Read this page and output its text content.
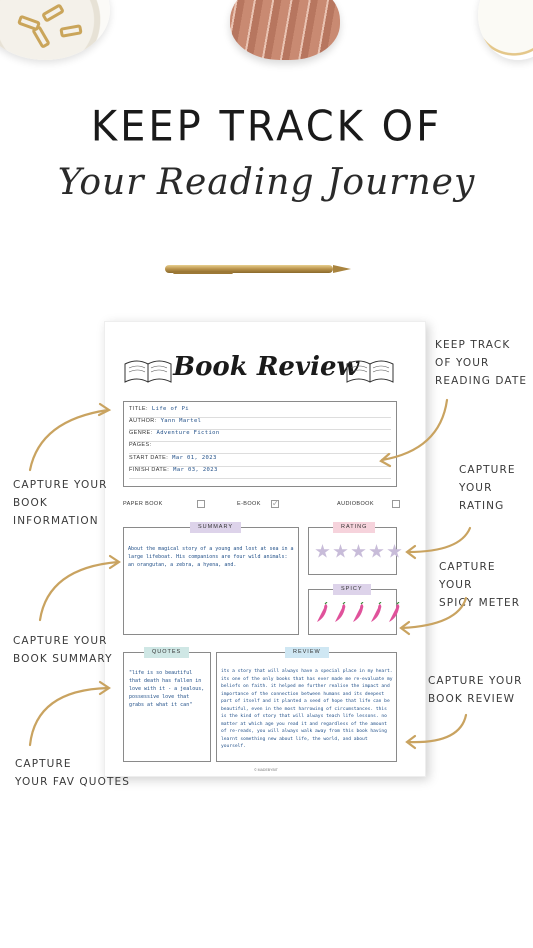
KEEP TRACK OF
Your Reading Journey
Book Review
TITLE: Life of Pi
AUTHOR: Yann Martel
GENRE: Adventure Fiction
PAGES:
START DATE: Mar 01, 2023
FINISH DATE: Mar 03, 2023
PAPER BOOK	E-BOOK
✓	AUDIOBOOK
SUMMARY
About the magical story of a young and lost at sea in a large lifeboat. His companions are four wild animals: an orangutan, a zebra, a hyena, and.
RATING
SPICY
QUOTES
"life is so beautiful that death has fallen in love with it - a jealous, possessive love that grabs at what it can"
REVIEW
its a story that will always have a special place in my heart. its one of the only books that has ever made me re-evaluate my beliefs on faith. it helped me further realise the impact and importance of the connection between humans and its deepest part of itself and it planted a seed of hope that life can be beautiful, even in the most harrowing of circumstances. this is the kind of story that will always teach life lessons. no matter at which age you read it and regardless of the amount of re-reads, you will always walk away from this book having learnt something new about life, the world, and about yourself.
© MADEBYBIT
KEEP TRACK
OF YOUR
READING DATE
CAPTURE YOUR
BOOK
INFORMATION
CAPTURE
YOUR
RATING
CAPTURE YOUR
SPICY METER
CAPTURE YOUR
BOOK SUMMARY
CAPTURE YOUR
BOOK REVIEW
CAPTURE
YOUR FAV QUOTES
